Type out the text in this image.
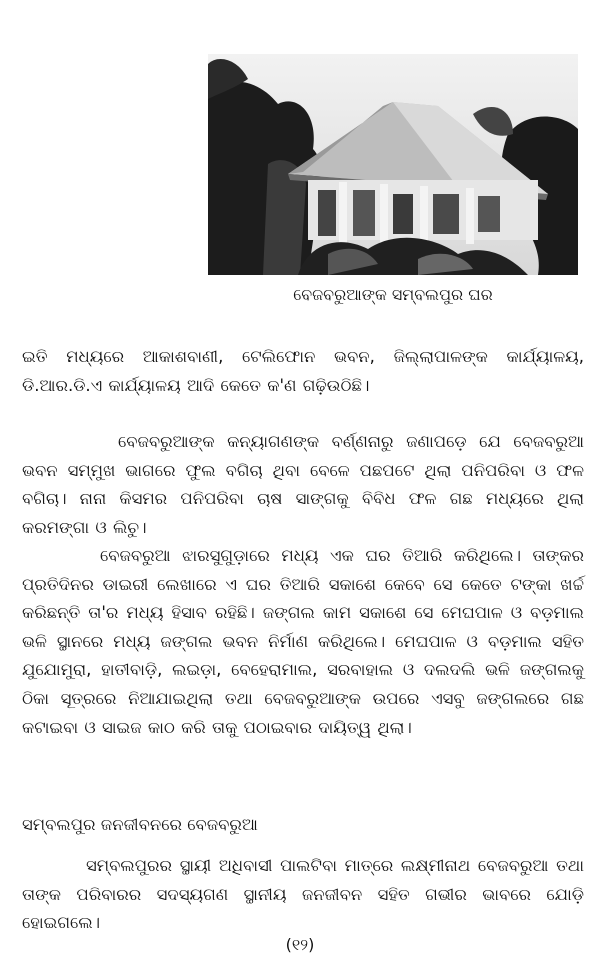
ବେଜବରୁଆଙ୍କ ସମ୍ବଲପୁର ଘର
ଇତି ମଧ୍ୟରେ ଆକାଶବାଣୀ, ଟେଲିଫୋନ ଭବନ, ଜିଲ୍ଲାପାଳଙ୍କ କାର୍ଯ୍ୟାଳୟ, ଡି.ଆର.ଡି.ଏ କାର୍ଯ୍ୟାଳୟ ଆଦି କେତେ କ'ଣ ଗଢ଼ିଉଠିଛି।
ବେଜବରୁଆଙ୍କ କନ୍ୟାଗଣଙ୍କ ବର୍ଣ୍ଣନାରୁ ଜଣାପଡ଼େ ଯେ ବେଜବରୁଆ ଭବନ ସମ୍ମୁଖ ଭାଗରେ ଫୁଲ ବଗିଚା ଥିବା ବେଳେ ପଛପଟେ ଥିଲା ପନିପରିବା ଓ ଫଳ ବଗିଚା। ନାନା କିସମର ପନିପରିବା ଚାଷ ସାଙ୍ଗକୁ ବିବିଧ ଫଳ ଗଛ ମଧ୍ୟରେ ଥିଲା କରମଙ୍ଗା ଓ ଲିଚୁ।
ବେଜବରୁଆ ଝାରସୁଗୁଡ଼ାରେ ମଧ୍ୟ ଏକ ଘର ତିଆରି କରିଥିଲେ। ତାଙ୍କର ପ୍ରତିଦିନର ଡାଇରୀ ଲେଖାରେ ଏ ଘର ତିଆରି ସକାଶେ କେବେ ସେ କେତେ ଟଙ୍କା ଖର୍ଚ୍ଚ କରିଛନ୍ତି ତା'ର ମଧ୍ୟ ହିସାବ ରହିଛି। ଜଙ୍ଗଲ କାମ ସକାଶେ ସେ ମେଘପାଳ ଓ ବଡ଼ମାଲ ଭଳି ସ୍ଥାନରେ ମଧ୍ୟ ଜଙ୍ଗଲ ଭବନ ନିର୍ମାଣ କରିଥିଲେ। ମେଘପାଳ ଓ ବଡ଼ମାଲ ସହିତ ଯୁଯୋମୁରା, ହାତୀବାଡ଼ି, ଲଇଡ଼ା, ବେହେରାମାଲ, ସରବାହାଲ ଓ ଦଲଦଲି ଭଳି ଜଙ୍ଗଲକୁ ଠିକା ସୂତ୍ରରେ ନିଆଯାଇଥିଲା ତଥା ବେଜବରୁଆଙ୍କ ଉପରେ ଏସବୁ ଜଙ୍ଗଲରେ ଗଛ କଟାଇବା ଓ ସାଇଜ କାଠ କରି ତାକୁ ପଠାଇବାର ଦାୟିତ୍ୱ ଥିଲା।
ସମ୍ବଲପୁର ଜନଜୀବନରେ ବେଜବରୁଆ
ସମ୍ବଲପୁରର ସ୍ଥାୟୀ ଅଧିବାସୀ ପାଲଟିବା ମାତ୍ରେ ଲକ୍ଷ୍ମୀନାଥ ବେଜବରୁଆ ତଥା ତାଙ୍କ ପରିବାରର ସଦସ୍ୟଗଣ ସ୍ଥାନୀୟ ଜନଜୀବନ ସହିତ ଗଭୀର ଭାବରେ ଯୋଡ଼ି ହୋଇଗଲେ।
(୧୨)
